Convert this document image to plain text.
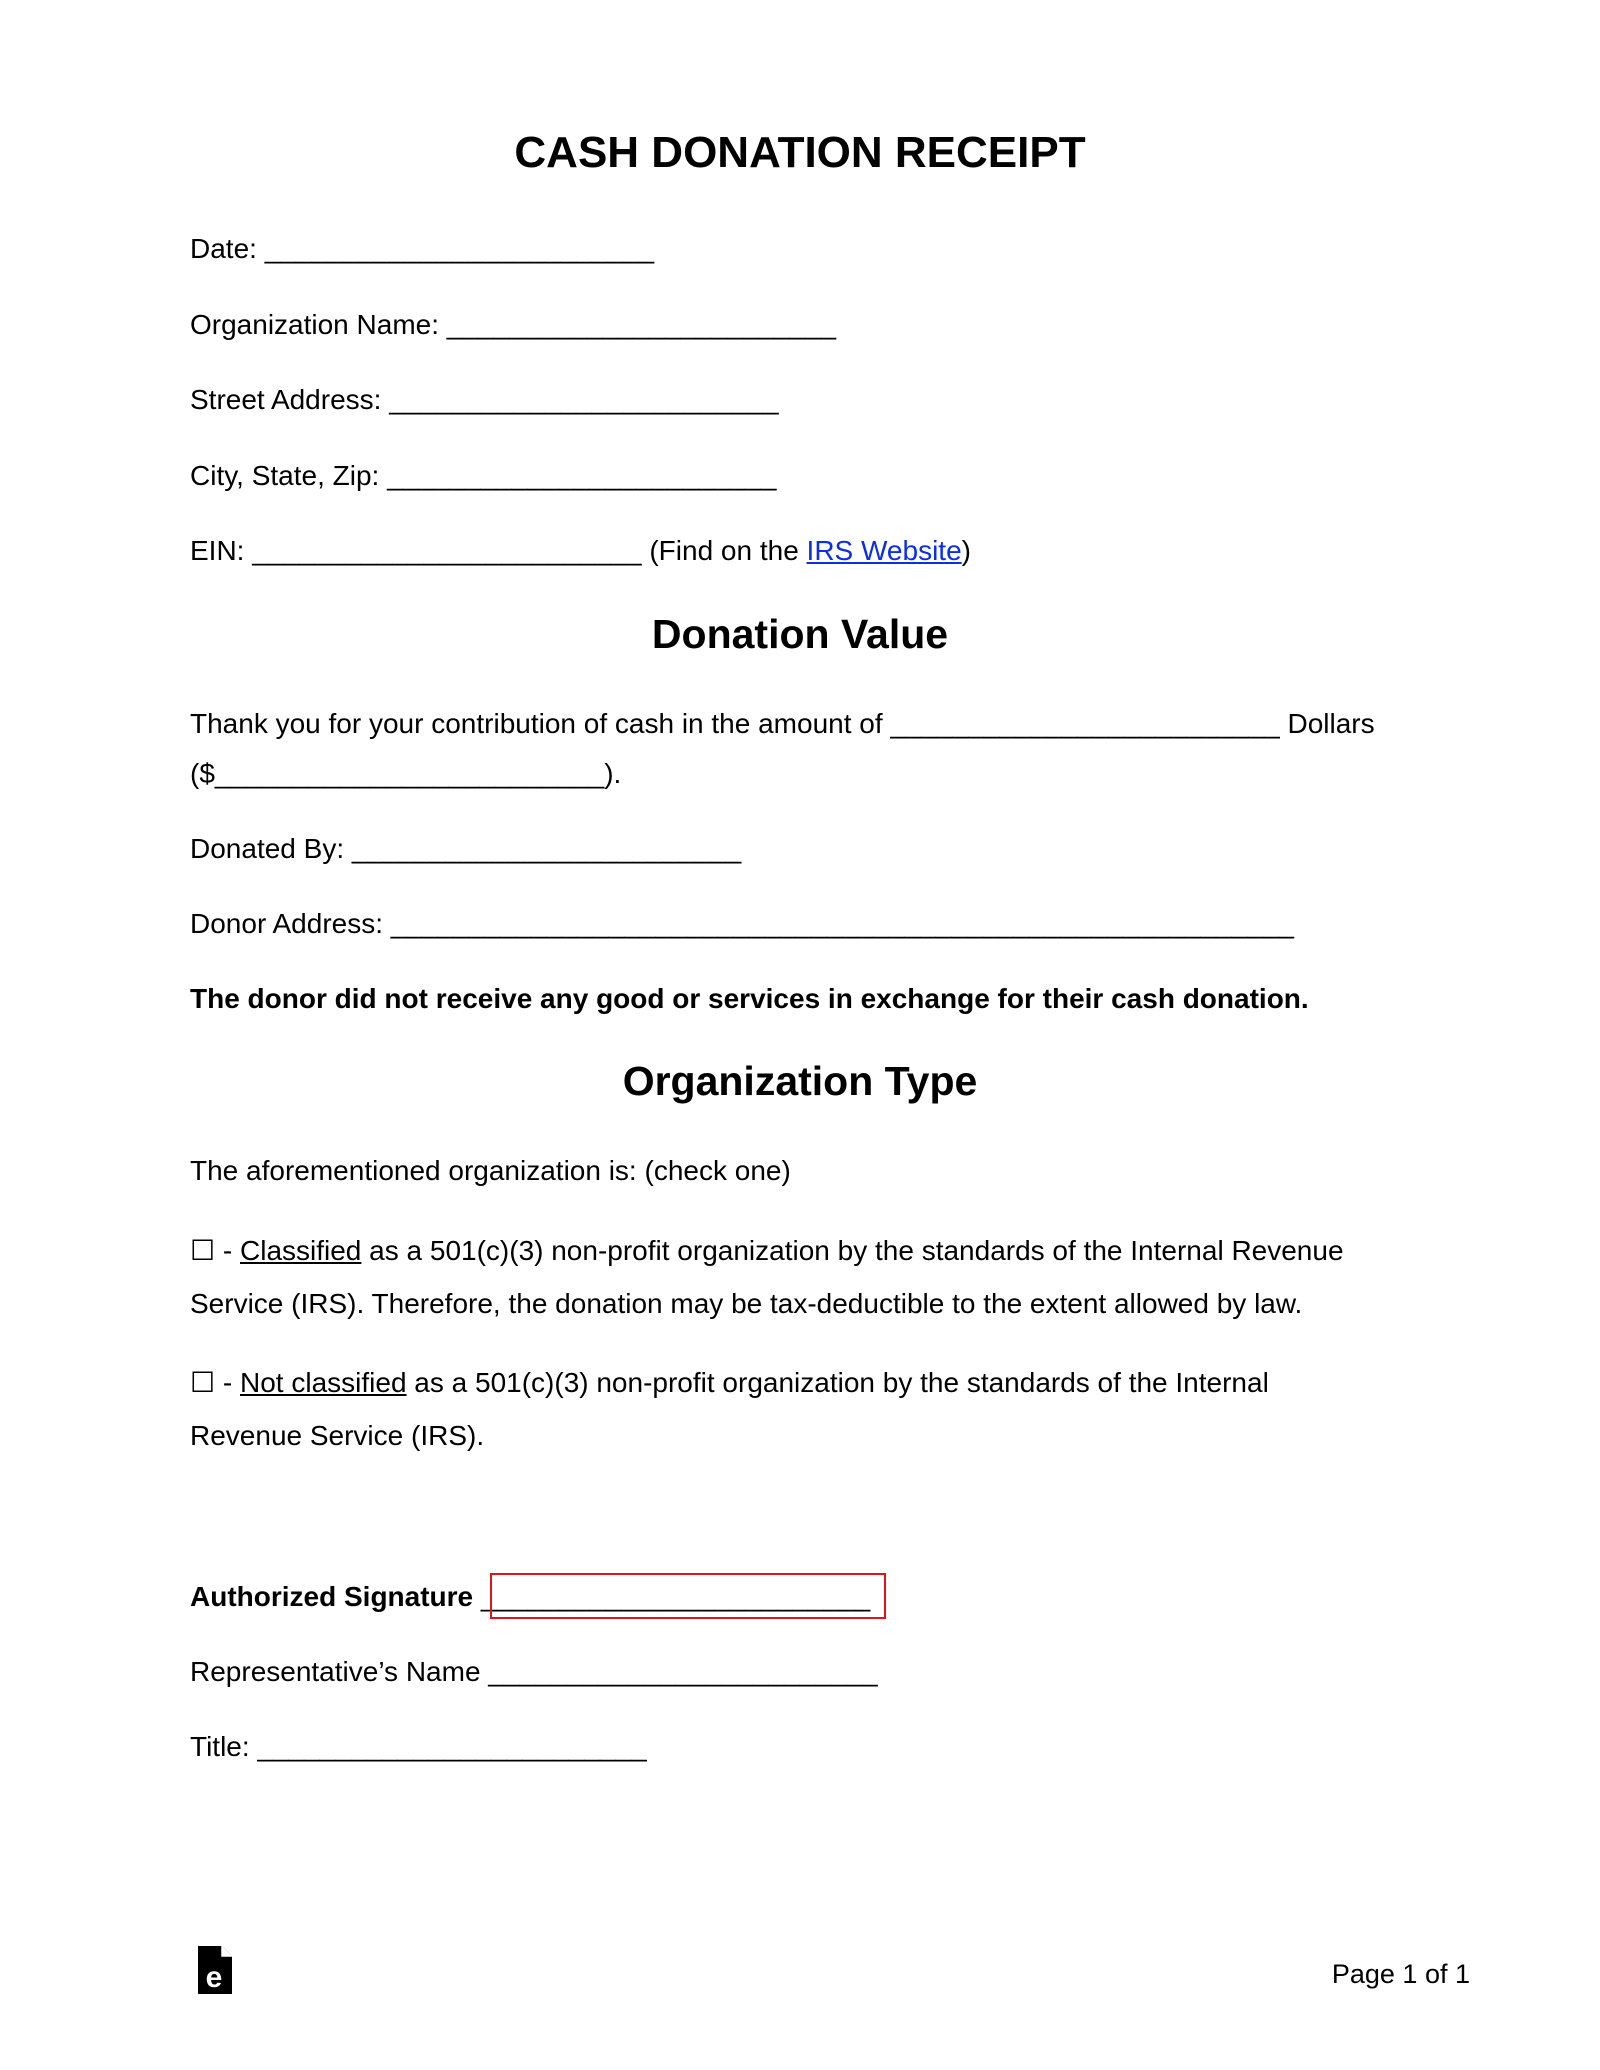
CASH DONATION RECEIPT
Date: _________________________
Organization Name: _________________________
Street Address: _________________________
City, State, Zip: _________________________
EIN: _________________________ (Find on the IRS Website)
Donation Value
Thank you for your contribution of cash in the amount of _________________________ Dollars
($_________________________).
Donated By: _________________________
Donor Address: __________________________________________________________
The donor did not receive any good or services in exchange for their cash donation.
Organization Type
The aforementioned organization is: (check one)
☐ - Classified as a 501(c)(3) non-profit organization by the standards of the Internal Revenue
Service (IRS). Therefore, the donation may be tax-deductible to the extent allowed by law.
☐ - Not classified as a 501(c)(3) non-profit organization by the standards of the Internal
Revenue Service (IRS).
Authorized Signature _________________________
Representative’s Name _________________________
Title: _________________________
e	Page 1 of 1
